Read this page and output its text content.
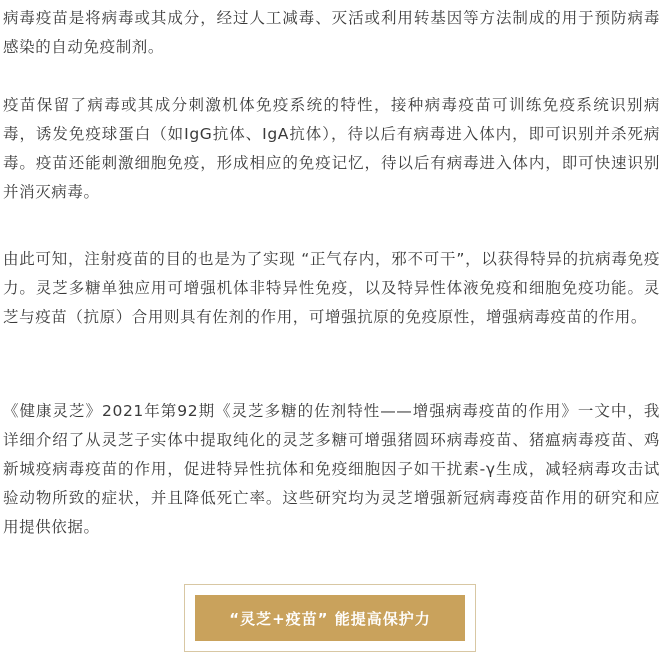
病毒疫苗是将病毒或其成分，经过人工减毒、灭活或利用转基因等方法制成的用于预防病毒感染的自动免疫制剂。

疫苗保留了病毒或其成分刺激机体免疫系统的特性，接种病毒疫苗可训练免疫系统识别病毒，诱发免疫球蛋白（如IgG抗体、IgA抗体），待以后有病毒进入体内，即可识别并杀死病毒。疫苗还能刺激细胞免疫，形成相应的免疫记忆，待以后有病毒进入体内，即可快速识别并消灭病毒。

由此可知，注射疫苗的目的也是为了实现 “正气存内，邪不可干”，以获得特异的抗病毒免疫力。灵芝多糖单独应用可增强机体非特异性免疫，以及特异性体液免疫和细胞免疫功能。灵芝与疫苗（抗原）合用则具有佐剂的作用，可增强抗原的免疫原性，增强病毒疫苗的作用。

《健康灵芝》2021年第92期《灵芝多糖的佐剂特性——增强病毒疫苗的作用》一文中，我详细介绍了从灵芝子实体中提取纯化的灵芝多糖可增强猪圆环病毒疫苗、猪瘟病毒疫苗、鸡新城疫病毒疫苗的作用，促进特异性抗体和免疫细胞因子如干扰素-γ生成，减轻病毒攻击试验动物所致的症状，并且降低死亡率。这些研究均为灵芝增强新冠病毒疫苗作用的研究和应用提供依据。

“灵芝+疫苗” 能提高保护力
